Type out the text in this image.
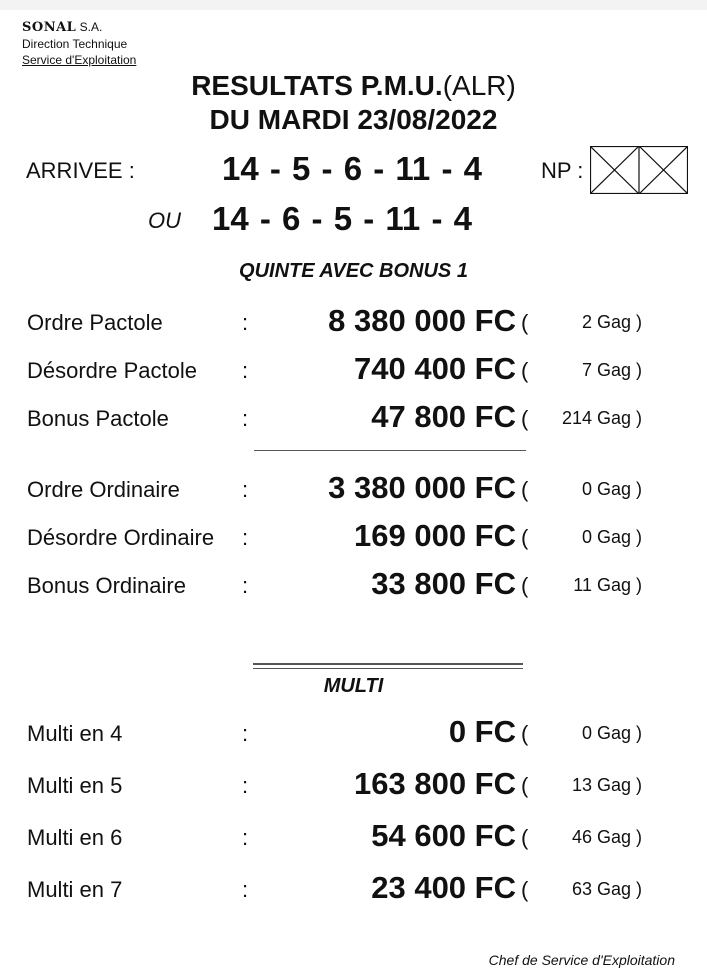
SONAL S.A.
Direction Technique
Service d'Exploitation
RESULTATS P.M.U.(ALR)
DU MARDI 23/08/2022
ARRIVEE :	14 - 5 - 6 - 11 - 4	NP :
OU 14 - 6 - 5 - 11 - 4
QUINTE AVEC BONUS 1
Ordre Pactole	:	8 380 000 FC (	2 Gag )
Désordre Pactole :	740 400 FC (	7 Gag )
Bonus Pactole	:	47 800 FC ( 214 Gag )
Ordre Ordinaire	:	3 380 000 FC (	0 Gag )
Désordre Ordinaire :	169 000 FC (	0 Gag )
Bonus Ordinaire	:	33 800 FC ( 11 Gag )
MULTI
Multi en 4	:	0 FC (	0 Gag )
Multi en 5	:	163 800 FC ( 13 Gag )
Multi en 6	:	54 600 FC ( 46 Gag )
Multi en 7	:	23 400 FC ( 63 Gag )
Chef de Service d'Exploitation
